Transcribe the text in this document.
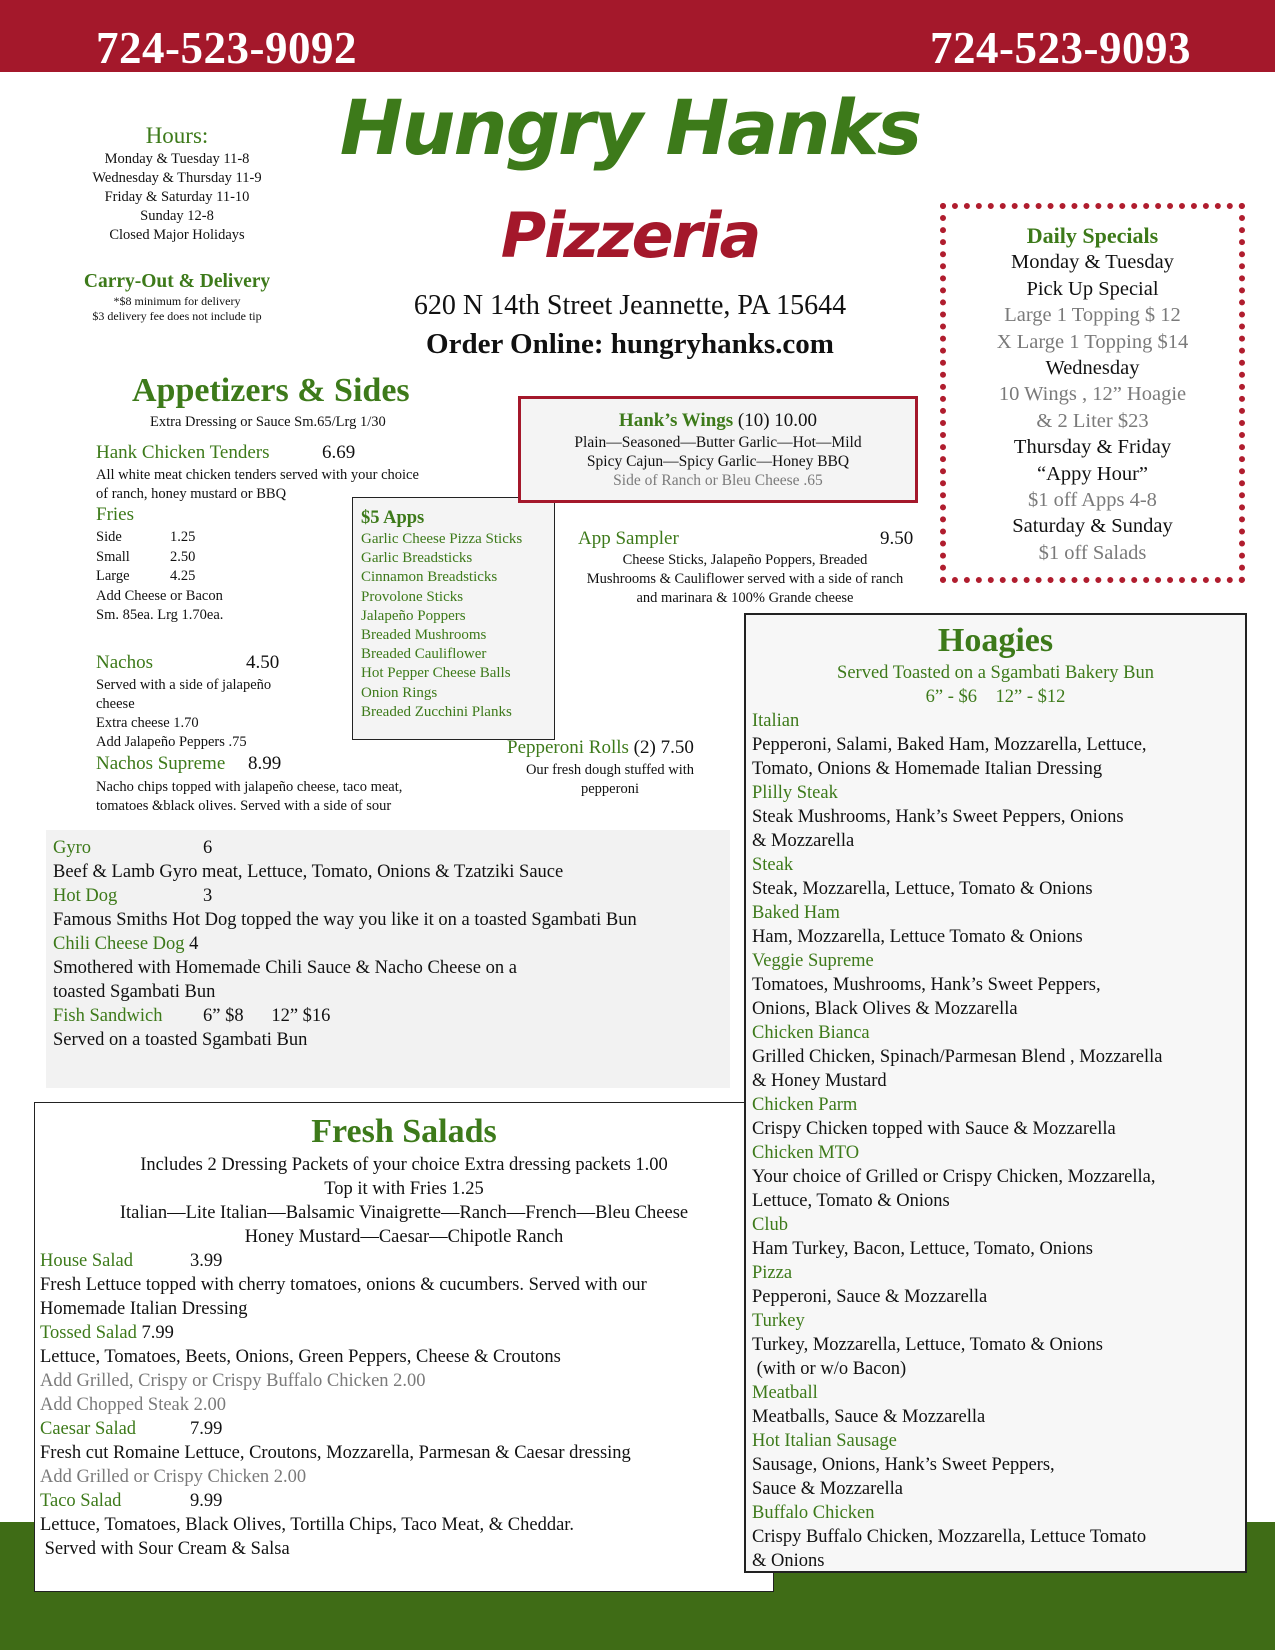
724-523-9092	724-523-9093
Hungry Hanks
Pizzeria
620 N 14th Street Jeannette, PA 15644
Order Online: hungryhanks.com
Hours:
Monday & Tuesday 11-8
Wednesday & Thursday 11-9
Friday & Saturday 11-10
Sunday 12-8
Closed Major Holidays
Carry-Out & Delivery
*$8 minimum for delivery
$3 delivery fee does not include tip
Daily Specials
Monday & Tuesday
Pick Up Special
Large 1 Topping $ 12
X Large 1 Topping $14
Wednesday
10 Wings , 12” Hoagie
& 2 Liter $23
Thursday & Friday
“Appy Hour”
$1 off Apps 4-8
Saturday & Sunday
$1 off Salads
Appetizers & Sides
Extra Dressing or Sauce Sm.65/Lrg 1/30
Hank Chicken Tenders	6.69
All white meat chicken tenders served with your choice
of ranch, honey mustard or BBQ
Fries
Side	1.25
Small	2.50
Large	4.25
Add Cheese or Bacon
Sm. 85ea. Lrg 1.70ea.
Nachos	4.50
Served with a side of jalapeño
cheese
Extra cheese 1.70
Add Jalapeño Peppers .75
Nachos Supreme 8.99
Nacho chips topped with jalapeño cheese, taco meat,
tomatoes &black olives. Served with a side of sour
$5 Apps
Garlic Cheese Pizza Sticks
Garlic Breadsticks
Cinnamon Breadsticks
Provolone Sticks
Jalapeño Poppers
Breaded Mushrooms
Breaded Cauliflower
Hot Pepper Cheese Balls
Onion Rings
Breaded Zucchini Planks
Hank’s Wings (10) 10.00
Plain—Seasoned—Butter Garlic—Hot—Mild
Spicy Cajun—Spicy Garlic—Honey BBQ
Side of Ranch or Bleu Cheese .65
App Sampler	9.50
Cheese Sticks, Jalapeño Poppers, Breaded
Mushrooms & Cauliflower served with a side of ranch
and marinara & 100% Grande cheese
Pepperoni Rolls (2) 7.50
Our fresh dough stuffed with
pepperoni
Gyro	6
Beef & Lamb Gyro meat, Lettuce, Tomato, Onions & Tzatziki Sauce
Hot Dog	3
Famous Smiths Hot Dog topped the way you like it on a toasted Sgambati Bun
Chili Cheese Dog 4
Smothered with Homemade Chili Sauce & Nacho Cheese on a
toasted Sgambati Bun
Fish Sandwich 6” $8      12” $16
Served on a toasted Sgambati Bun
Fresh Salads
Includes 2 Dressing Packets of your choice Extra dressing packets 1.00
Top it with Fries 1.25
Italian—Lite Italian—Balsamic Vinaigrette—Ranch—French—Bleu Cheese
Honey Mustard—Caesar—Chipotle Ranch
House Salad	3.99
Fresh Lettuce topped with cherry tomatoes, onions & cucumbers. Served with our
Homemade Italian Dressing
Tossed Salad 7.99
Lettuce, Tomatoes, Beets, Onions, Green Peppers, Cheese & Croutons
Add Grilled, Crispy or Crispy Buffalo Chicken 2.00
Add Chopped Steak 2.00
Caesar Salad	7.99
Fresh cut Romaine Lettuce, Croutons, Mozzarella, Parmesan & Caesar dressing
Add Grilled or Crispy Chicken 2.00
Taco Salad	9.99
Lettuce, Tomatoes, Black Olives, Tortilla Chips, Taco Meat, & Cheddar.
Served with Sour Cream & Salsa
Hoagies
Served Toasted on a Sgambati Bakery Bun
6” - $6    12” - $12
Italian
Pepperoni, Salami, Baked Ham, Mozzarella, Lettuce,
Tomato, Onions & Homemade Italian Dressing
Plilly Steak
Steak Mushrooms, Hank’s Sweet Peppers, Onions
& Mozzarella
Steak
Steak, Mozzarella, Lettuce, Tomato & Onions
Baked Ham
Ham, Mozzarella, Lettuce Tomato & Onions
Veggie Supreme
Tomatoes, Mushrooms, Hank’s Sweet Peppers,
Onions, Black Olives & Mozzarella
Chicken Bianca
Grilled Chicken, Spinach/Parmesan Blend , Mozzarella
& Honey Mustard
Chicken Parm
Crispy Chicken topped with Sauce & Mozzarella
Chicken MTO
Your choice of Grilled or Crispy Chicken, Mozzarella,
Lettuce, Tomato & Onions
Club
Ham Turkey, Bacon, Lettuce, Tomato, Onions
Pizza
Pepperoni, Sauce & Mozzarella
Turkey
Turkey, Mozzarella, Lettuce, Tomato & Onions
(with or w/o Bacon)
Meatball
Meatballs, Sauce & Mozzarella
Hot Italian Sausage
Sausage, Onions, Hank’s Sweet Peppers,
Sauce & Mozzarella
Buffalo Chicken
Crispy Buffalo Chicken, Mozzarella, Lettuce Tomato
& Onions
